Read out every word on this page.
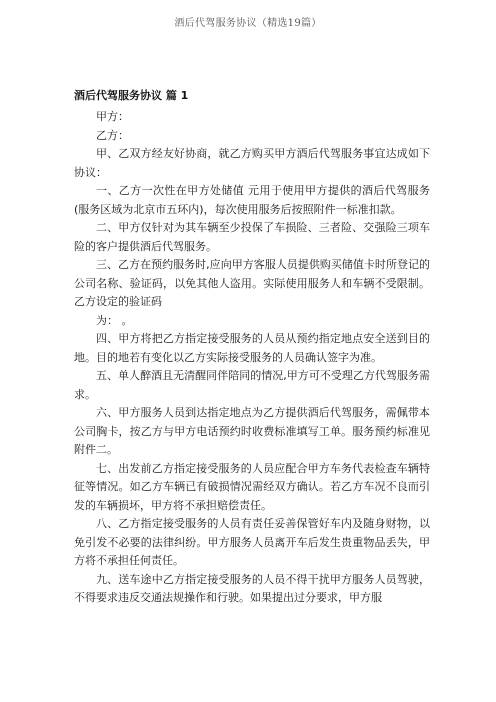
酒后代驾服务协议（精选19篇）
酒后代驾服务协议 篇 1

甲方：

乙方：

甲、乙双方经友好协商，就乙方购买甲方酒后代驾服务事宜达成如下协议：

一、乙方一次性在甲方处储值 元用于使用甲方提供的酒后代驾服务(服务区域为北京市五环内)，每次使用服务后按照附件一标准扣款。

二、甲方仅针对为其车辆至少投保了车损险、三者险、交强险三项车险的客户提供酒后代驾服务。

三、乙方在预约服务时,应向甲方客服人员提供购买储值卡时所登记的公司名称、验证码，以免其他人盗用。实际使用服务人和车辆不受限制。乙方设定的验证码

为： 。

四、甲方将把乙方指定接受服务的人员从预约指定地点安全送到目的地。目的地若有变化以乙方实际接受服务的人员确认签字为准。

五、单人醉酒且无清醒同伴陪同的情况,甲方可不受理乙方代驾服务需求。

六、甲方服务人员到达指定地点为乙方提供酒后代驾服务，需佩带本公司胸卡，按乙方与甲方电话预约时收费标准填写工单。服务预约标准见附件二。

七、出发前乙方指定接受服务的人员应配合甲方车务代表检查车辆特征等情况。如乙方车辆已有破损情况需经双方确认。若乙方车况不良而引发的车辆损坏，甲方将不承担赔偿责任。

八、乙方指定接受服务的人员有责任妥善保管好车内及随身财物，以免引发不必要的法律纠纷。甲方服务人员离开车后发生贵重物品丢失，甲方将不承担任何责任。

九、送车途中乙方指定接受服务的人员不得干扰甲方服务人员驾驶，不得要求违反交通法规操作和行驶。如果提出过分要求，甲方服
